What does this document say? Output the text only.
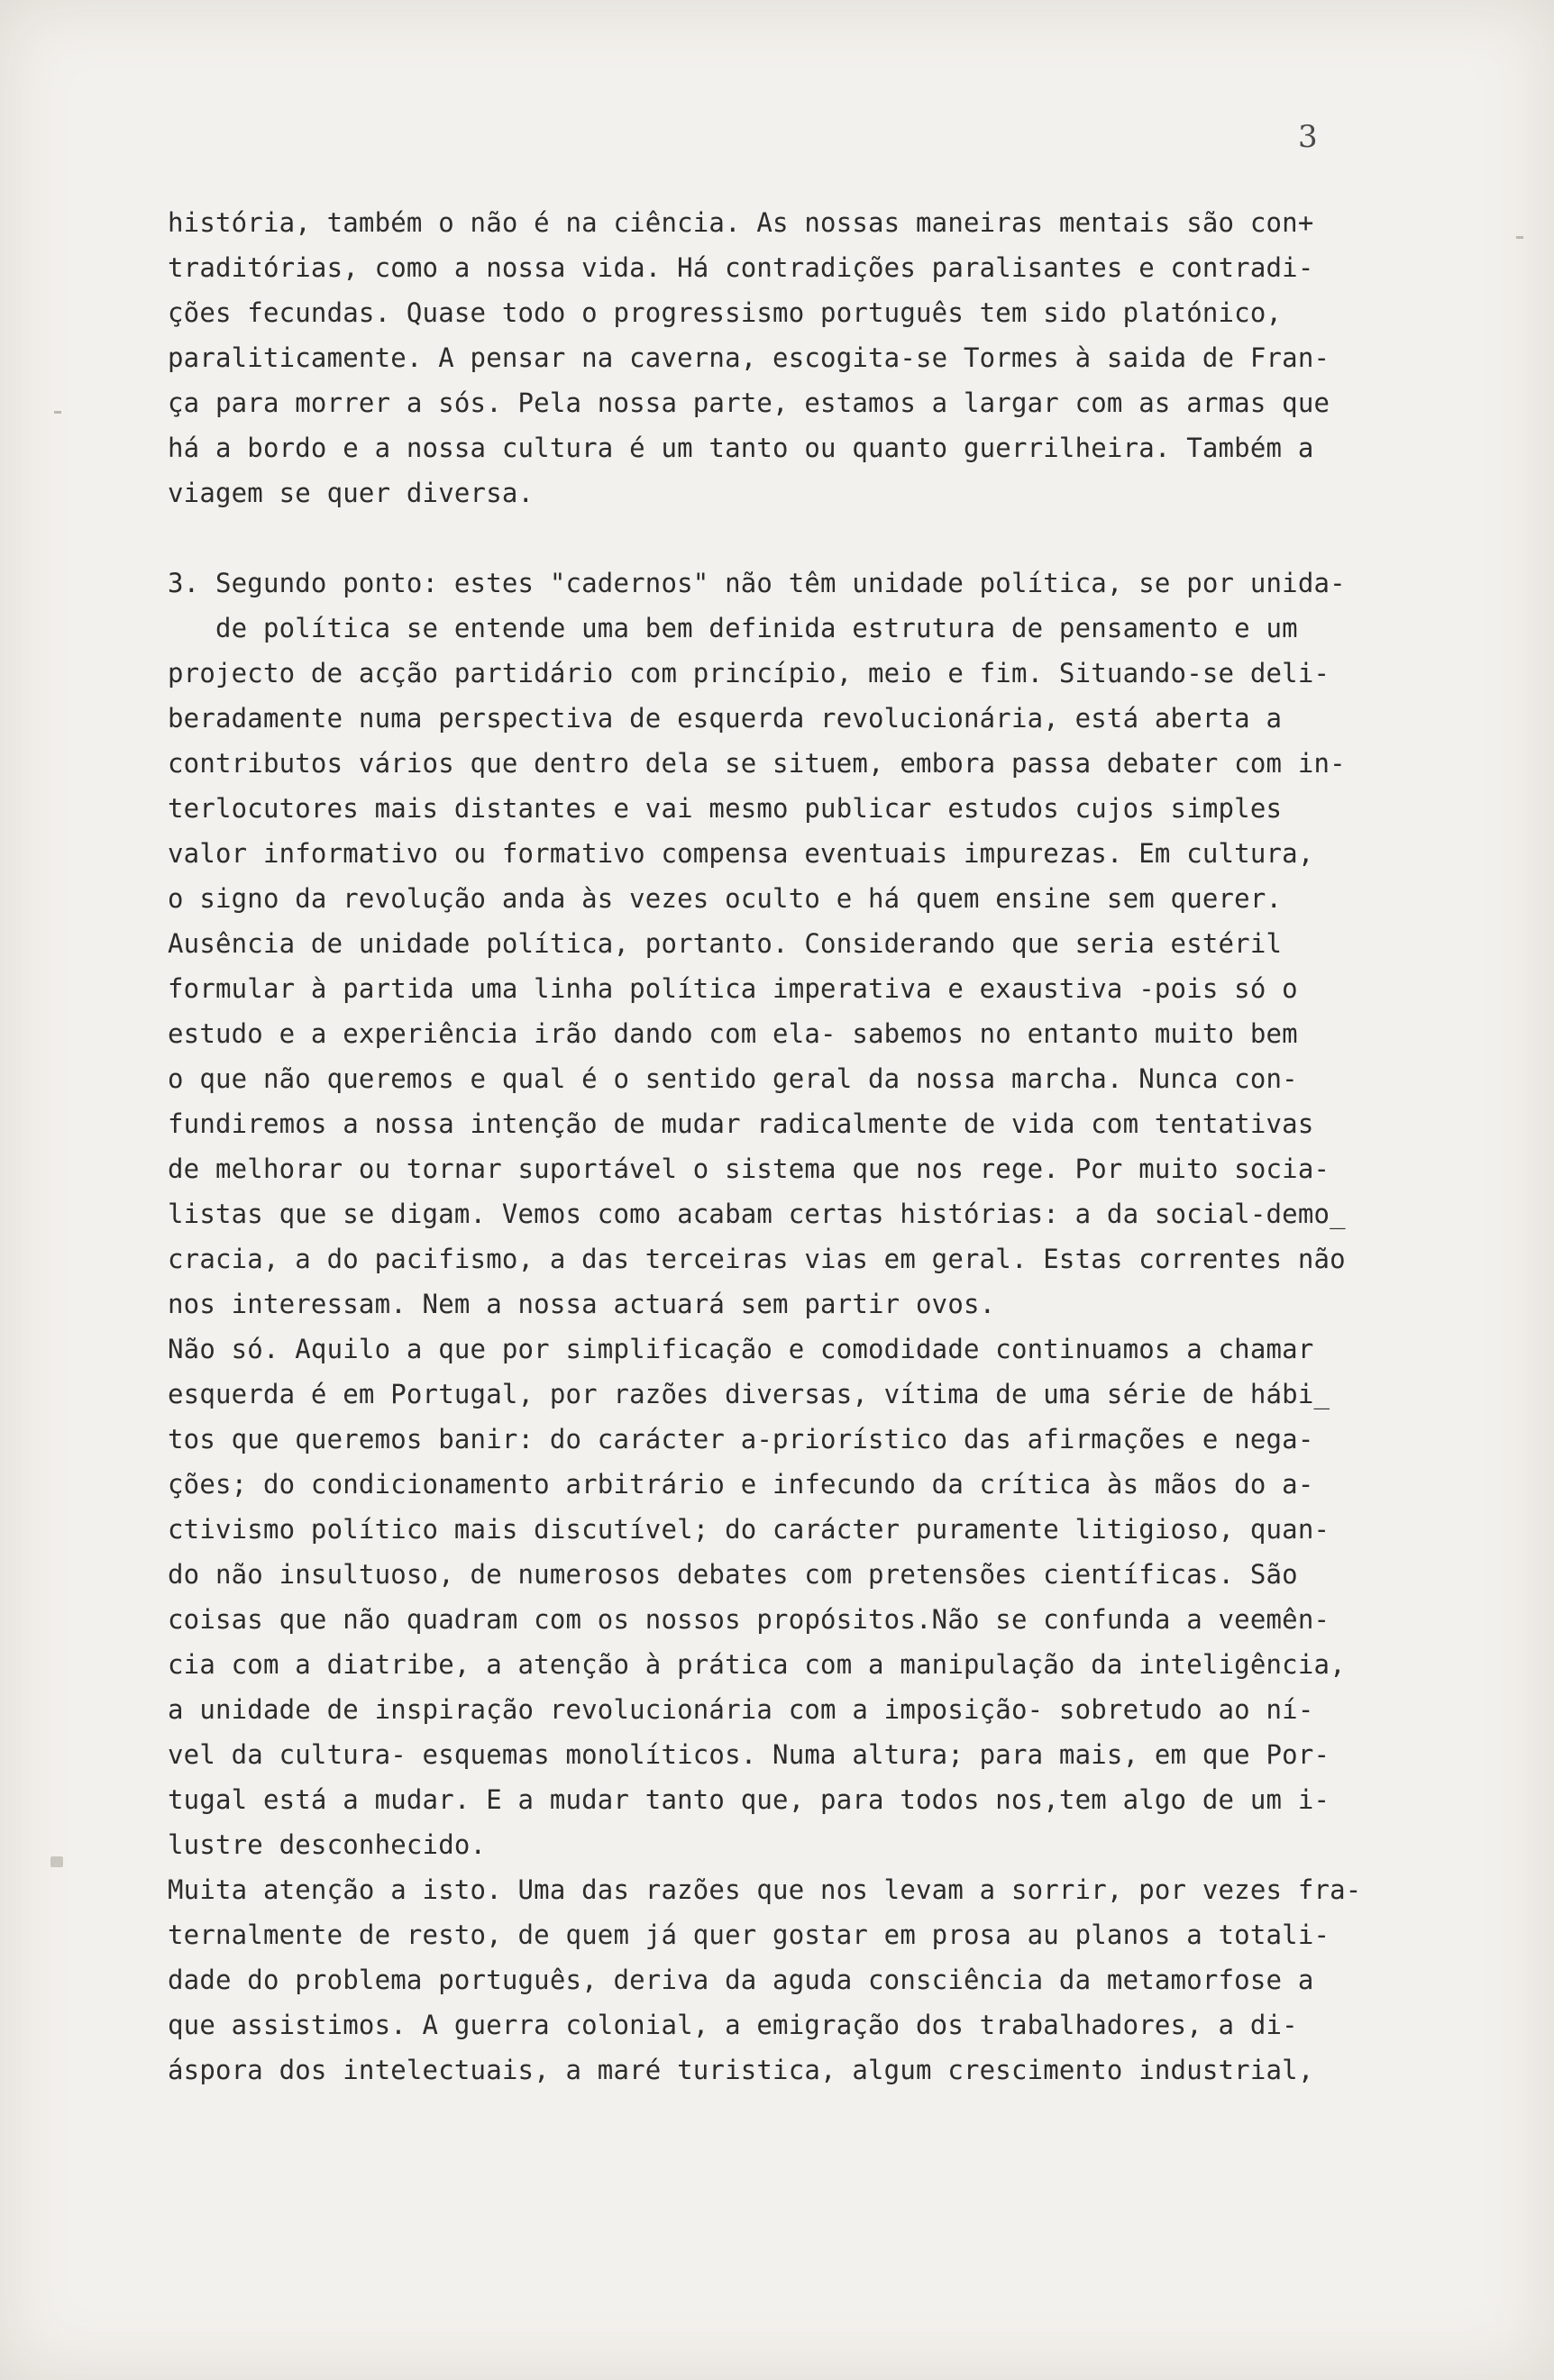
3
história, também o não é na ciência. As nossas maneiras mentais são con+
traditórias, como a nossa vida. Há contradições paralisantes e contradi-
ções fecundas. Quase todo o progressismo português tem sido platónico,
paraliticamente. A pensar na caverna, escogita-se Tormes à saida de Fran-
ça para morrer a sós. Pela nossa parte, estamos a largar com as armas que
há a bordo e a nossa cultura é um tanto ou quanto guerrilheira. Também a
viagem se quer diversa.
3. Segundo ponto: estes "cadernos" não têm unidade política, se por unida-
de política se entende uma bem definida estrutura de pensamento e um
projecto de acção partidário com princípio, meio e fim. Situando-se deli-
beradamente numa perspectiva de esquerda revolucionária, está aberta a
contributos vários que dentro dela se situem, embora passa debater com in-
terlocutores mais distantes e vai mesmo publicar estudos cujos simples
valor informativo ou formativo compensa eventuais impurezas. Em cultura,
o signo da revolução anda às vezes oculto e há quem ensine sem querer.
Ausência de unidade política, portanto. Considerando que seria estéril
formular à partida uma linha política imperativa e exaustiva -pois só o
estudo e a experiência irão dando com ela- sabemos no entanto muito bem
o que não queremos e qual é o sentido geral da nossa marcha. Nunca con-
fundiremos a nossa intenção de mudar radicalmente de vida com tentativas
de melhorar ou tornar suportável o sistema que nos rege. Por muito socia-
listas que se digam. Vemos como acabam certas histórias: a da social-demo_
cracia, a do pacifismo, a das terceiras vias em geral. Estas correntes não
nos interessam. Nem a nossa actuará sem partir ovos.
Não só. Aquilo a que por simplificação e comodidade continuamos a chamar
esquerda é em Portugal, por razões diversas, vítima de uma série de hábi_
tos que queremos banir: do carácter a-priorístico das afirmações e nega-
ções; do condicionamento arbitrário e infecundo da crítica às mãos do a-
ctivismo político mais discutível; do carácter puramente litigioso, quan-
do não insultuoso, de numerosos debates com pretensões científicas. São
coisas que não quadram com os nossos propósitos.Não se confunda a veemên-
cia com a diatribe, a atenção à prática com a manipulação da inteligência,
a unidade de inspiração revolucionária com a imposição- sobretudo ao ní-
vel da cultura- esquemas monolíticos. Numa altura; para mais, em que Por-
tugal está a mudar. E a mudar tanto que, para todos nos,tem algo de um i-
lustre desconhecido.
Muita atenção a isto. Uma das razões que nos levam a sorrir, por vezes fra-
ternalmente de resto, de quem já quer gostar em prosa au planos a totali-
dade do problema português, deriva da aguda consciência da metamorfose a
que assistimos. A guerra colonial, a emigração dos trabalhadores, a di-
áspora dos intelectuais, a maré turistica, algum crescimento industrial,
